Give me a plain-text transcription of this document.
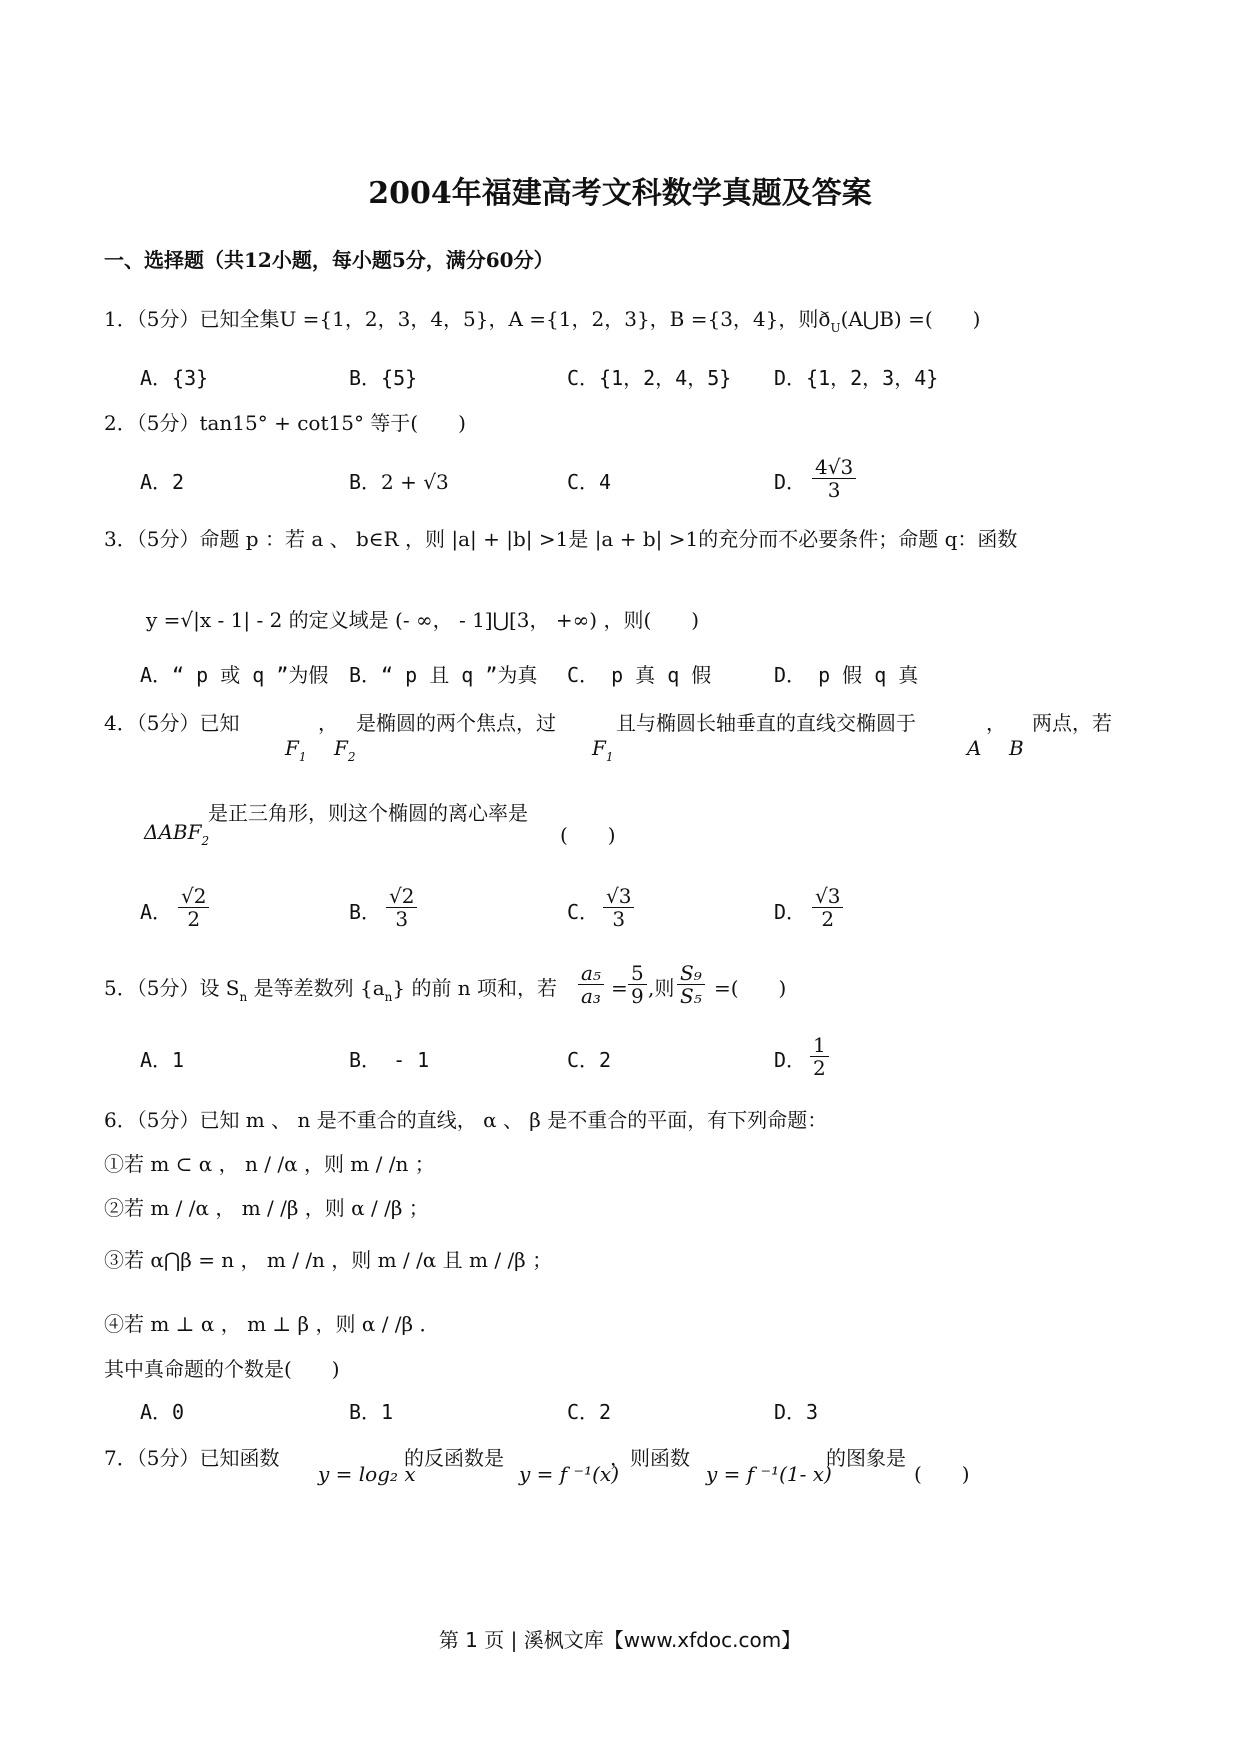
2004年福建高考文科数学真题及答案
一、选择题（共12小题，每小题5分，满分60分）
1．（5分）已知全集U ={1，2，3，4，5}，A ={1，2，3}，B ={3，4}，则$ð_U(A⋃B)$ =(　　)
A．{3}	B．{5}	C．{1，2，4，5} D．{1，2，3，4}
2．（5分）tan15° + cot15° 等于(　　)
A．2	B．2 + √3	C．4	D． $\frac{4√3}{3}$
3．（5分）命题 p ：若 a 、 b∈R ，则 |a| + |b| >1是 |a + b| >1的充分而不必要条件；命题 q：函数
y =√|x - 1| - 2 的定义域是 (- ∞， - 1]⋃[3， +∞) ，则(　　)
A．“ p 或 q ”为假 B．“ p 且 q ”为真 C． p 真 q 假	D． p 假 q 真
4．（5分）已知
$F_1$
，
$F_2$
是椭圆的两个焦点，过
$F_1$
且与椭圆长轴垂直的直线交椭圆于
A
，
B
两点，若
$\Delta ABF_2$
是正三角形，则这个椭圆的离心率是
(　　)
A． $\frac{√2}{2}$	B． $\frac{√2}{3}$	C． $\frac{√3}{3}$	D． $\frac{√3}{2}$
5．（5分）设 $S_n$ 是等差数列 $\{a_n\}$ 的前 n 项和，若 $\frac{\text{a₅}}{\text{a₃}} = \frac{5}{9}$ ,则 $\frac{\text{S₉}}{\text{S₅}}$ =(　　)
A．1	B． - 1	C．2	D． $\frac{1}{2}$
6．（5分）已知 m 、 n 是不重合的直线， α 、 β 是不重合的平面，有下列命题：
①若 m ⊂ α ， n / /α ，则 m / /n ；
②若 m / /α ， m / /β ，则 α / /β ；
③若 α⋂β = n ， m / /n ，则 m / /α 且 m / /β ；
④若 m ⊥ α ， m ⊥ β ，则 α / /β ．
其中真命题的个数是(　　)
A．0	B．1	C．2	D．3
7．（5分）已知函数
y = log₂ x
的反函数是
y = f ⁻¹(x)
，则函数
y = f ⁻¹(1- x)
的图象是
(　　)
第 1 页 | 溪枫文库【www.xfdoc.com】
